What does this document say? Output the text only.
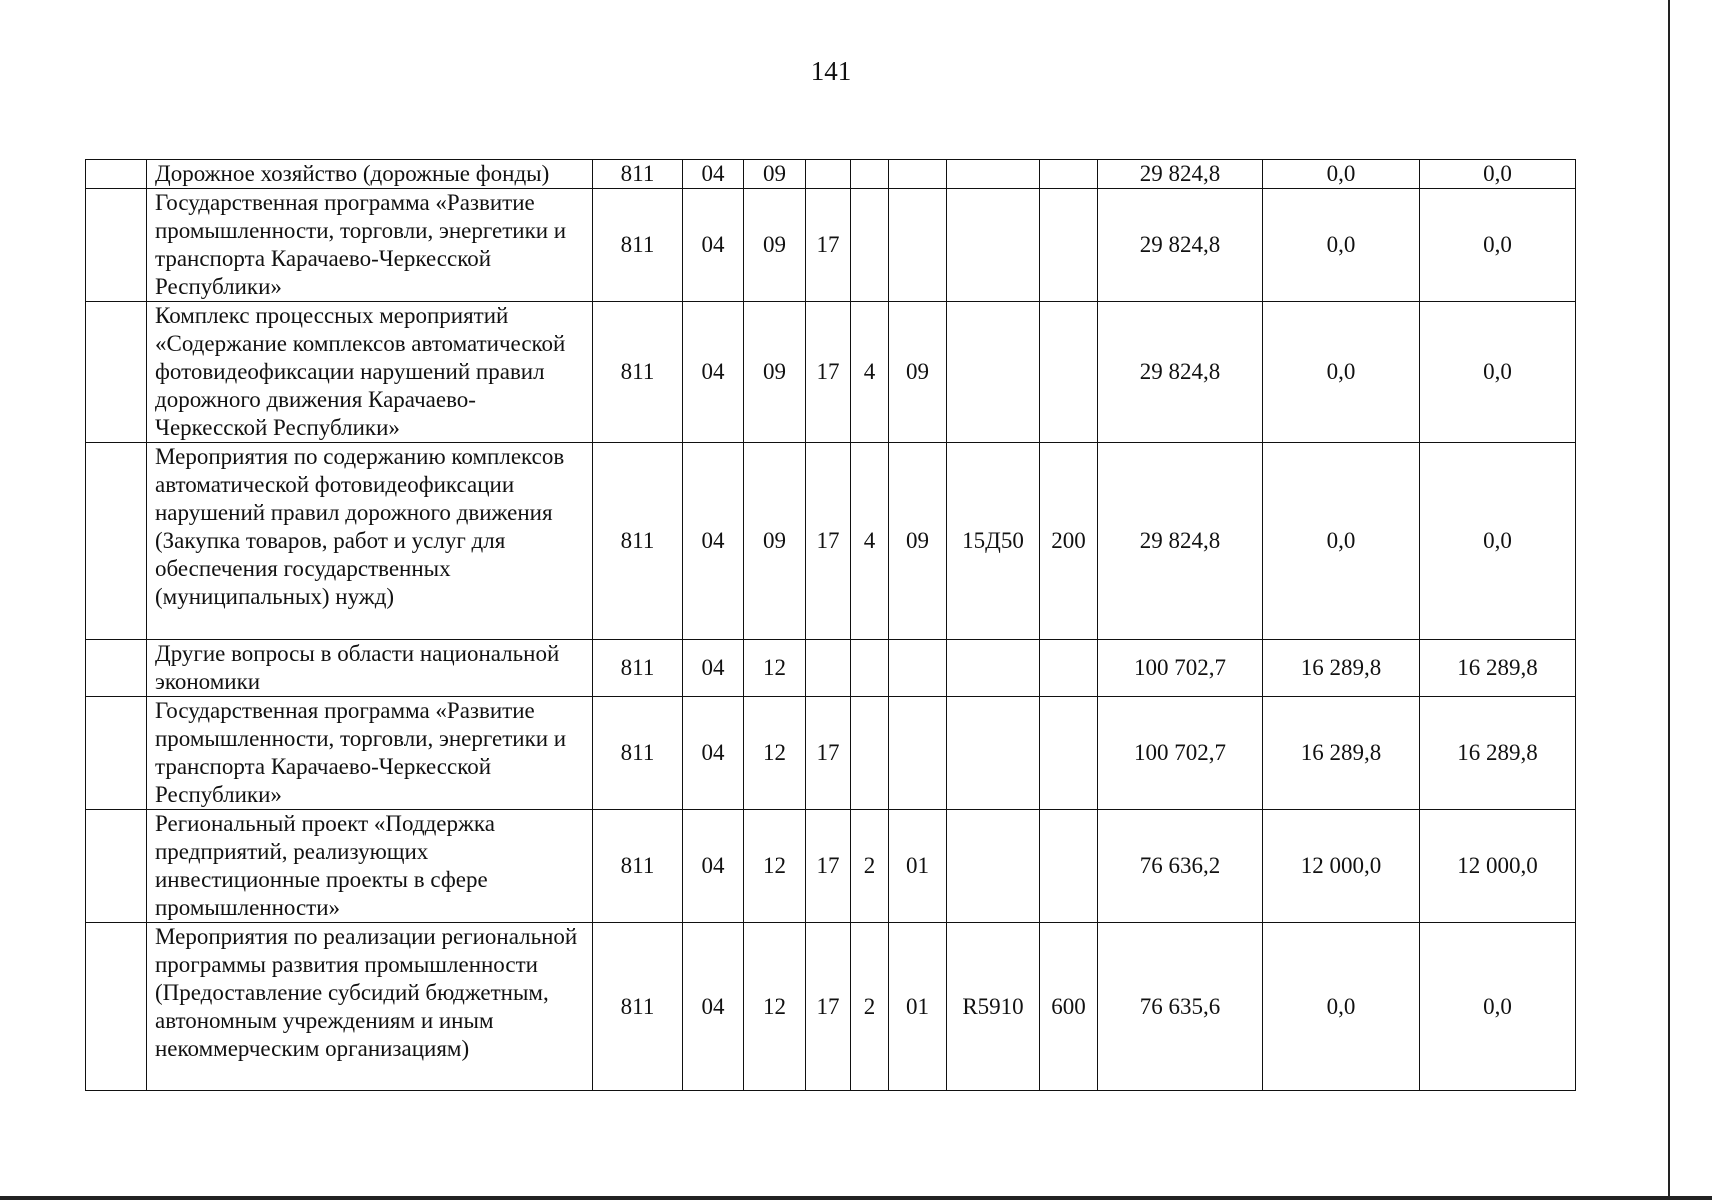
141
	Дорожное хозяйство (дорожные фонды)	811	04	09						29 824,8	0,0	0,0
	Государственная программа «Развитие промышленности, торговли, энергетики и транспорта Карачаево-Черкесской Республики»	811	04	09	17					29 824,8	0,0	0,0
	Комплекс процессных мероприятий «Содержание комплексов автоматической фотовидеофиксации нарушений правил дорожного движения Карачаево-Черкесской Республики»	811	04	09	17	4	09			29 824,8	0,0	0,0
	Мероприятия по содержанию комплексов автоматической фотовидеофиксации нарушений правил дорожного движения (Закупка товаров, работ и услуг для обеспечения государственных (муниципальных) нужд)	811	04	09	17	4	09	15Д50	200	29 824,8	0,0	0,0
	Другие вопросы в области национальной экономики	811	04	12						100 702,7	16 289,8	16 289,8
	Государственная программа «Развитие промышленности, торговли, энергетики и транспорта Карачаево-Черкесской Республики»	811	04	12	17					100 702,7	16 289,8	16 289,8
	Региональный проект «Поддержка предприятий, реализующих инвестиционные проекты в сфере промышленности»	811	04	12	17	2	01			76 636,2	12 000,0	12 000,0
	Мероприятия по реализации региональной программы развития промышленности (Предоставление субсидий бюджетным, автономным учреждениям и иным некоммерческим организациям)	811	04	12	17	2	01	R5910	600	76 635,6	0,0	0,0
